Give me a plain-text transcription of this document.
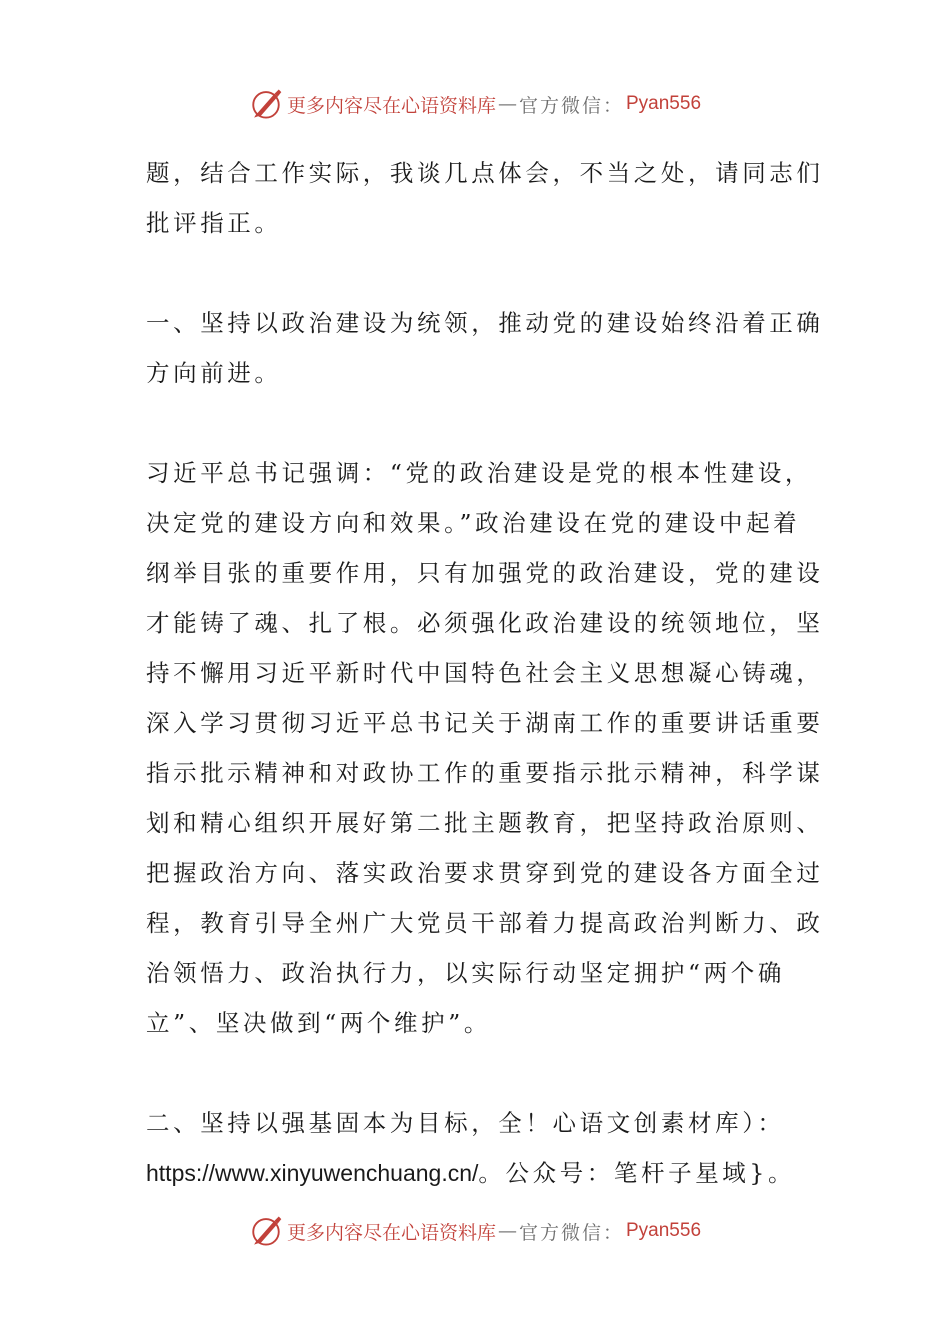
更多内容尽在心语资料库 — 官方微信： Pyan556

题，结合工作实际，我谈几点体会，不当之处，请同志们
批评指正。

一、坚持以政治建设为统领，推动党的建设始终沿着正确
方向前进。

习近平总书记强调：“党的政治建设是党的根本性建设，
决定党的建设方向和效果。”政治建设在党的建设中起着
纲举目张的重要作用，只有加强党的政治建设，党的建设
才能铸了魂、扎了根。必须强化政治建设的统领地位，坚
持不懈用习近平新时代中国特色社会主义思想凝心铸魂，
深入学习贯彻习近平总书记关于湖南工作的重要讲话重要
指示批示精神和对政协工作的重要指示批示精神，科学谋
划和精心组织开展好第二批主题教育，把坚持政治原则、
把握政治方向、落实政治要求贯穿到党的建设各方面全过
程，教育引导全州广大党员干部着力提高政治判断力、政
治领悟力、政治执行力，以实际行动坚定拥护“两个确
立”、坚决做到“两个维护”。

二、坚持以强基固本为目标，全！心语文创素材库）：
https://www.xinyuwenchuang.cn/。公众号：笔杆子星域}。

更多内容尽在心语资料库 — 官方微信： Pyan556
